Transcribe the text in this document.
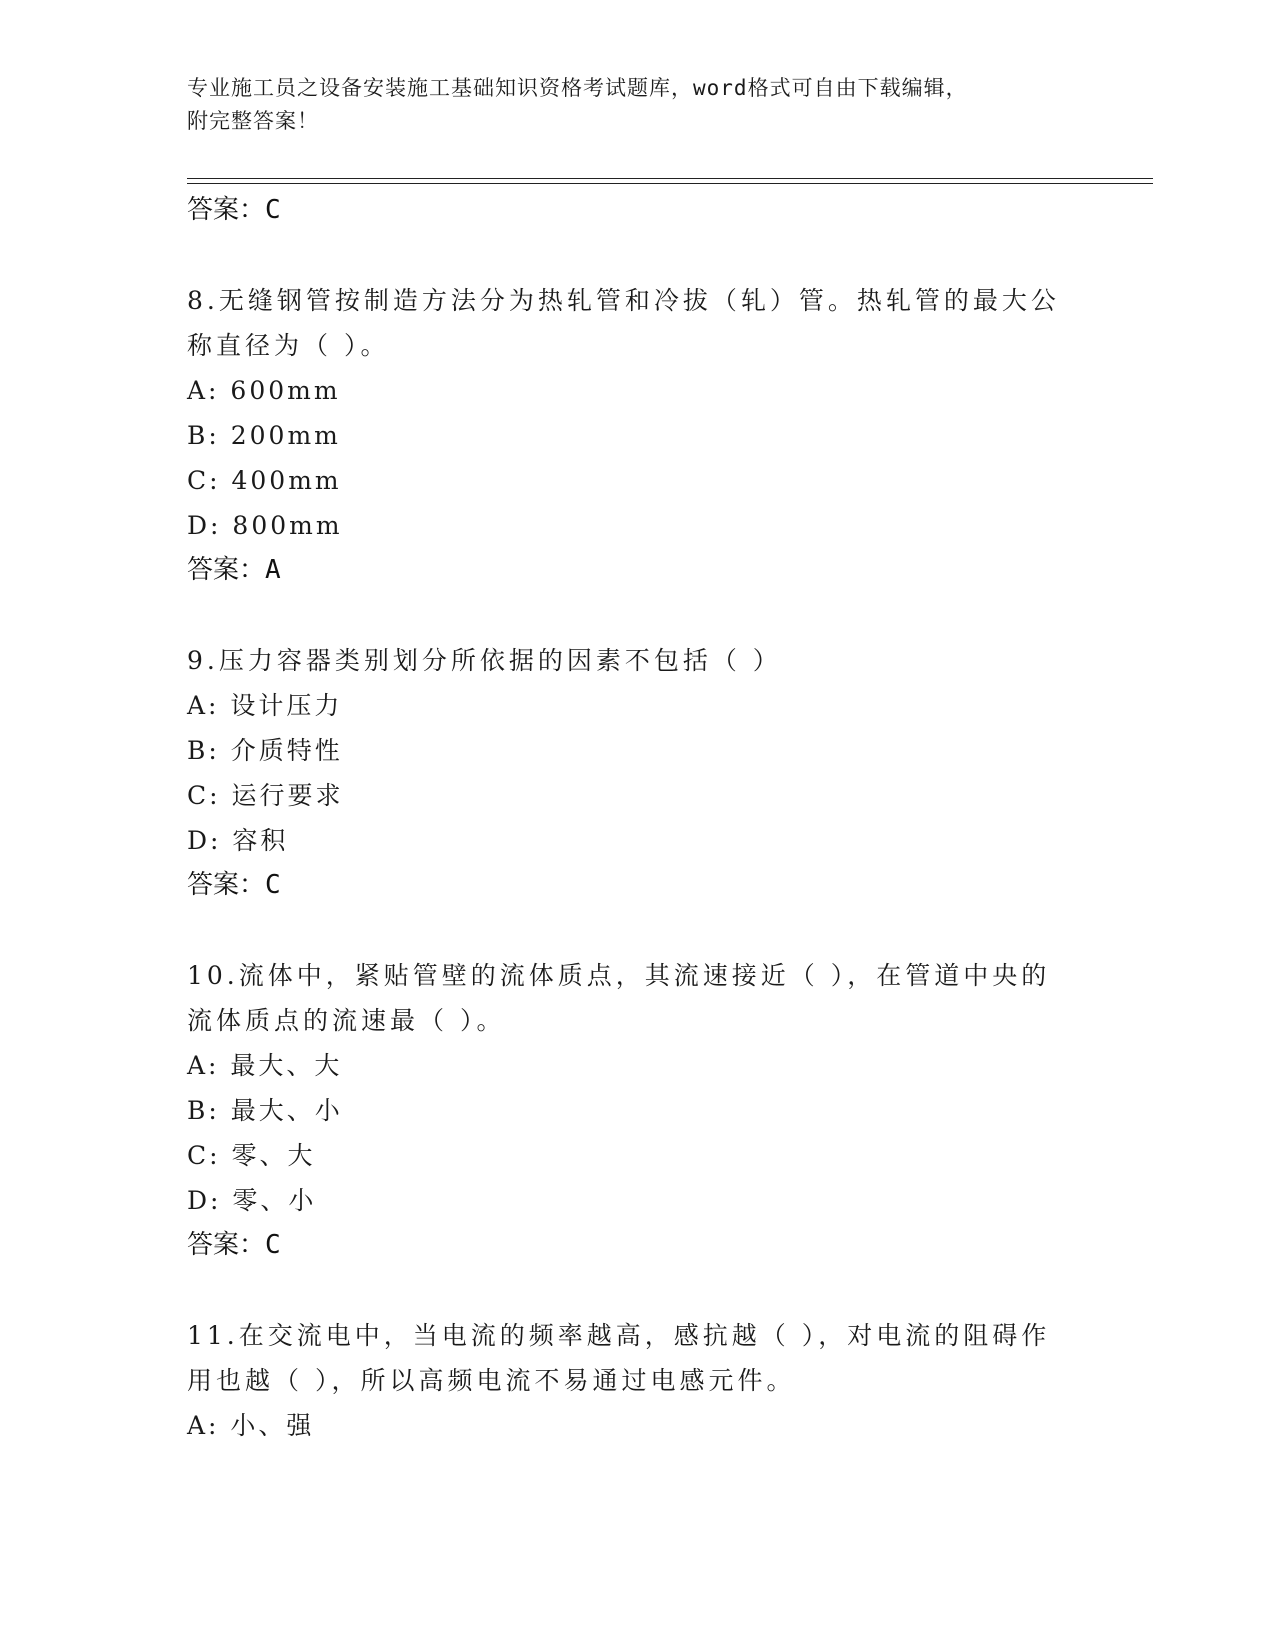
专业施工员之设备安装施工基础知识资格考试题库，word格式可自由下载编辑，
附完整答案！
答案：C

8.无缝钢管按制造方法分为热轧管和冷拔（轧）管。热轧管的最大公称直径为（ ）。

A: 600mm
B: 200mm
C: 400mm
D: 800mm
答案：A

9.压力容器类别划分所依据的因素不包括（ ）

A: 设计压力
B: 介质特性
C: 运行要求
D: 容积
答案：C

10.流体中，紧贴管壁的流体质点，其流速接近（ ），在管道中央的流体质点的流速最（ ）。

A: 最大、大
B: 最大、小
C: 零、大
D: 零、小
答案：C

11.在交流电中，当电流的频率越高，感抗越（ ），对电流的阻碍作用也越（ ），所以高频电流不易通过电感元件。

A: 小、强
